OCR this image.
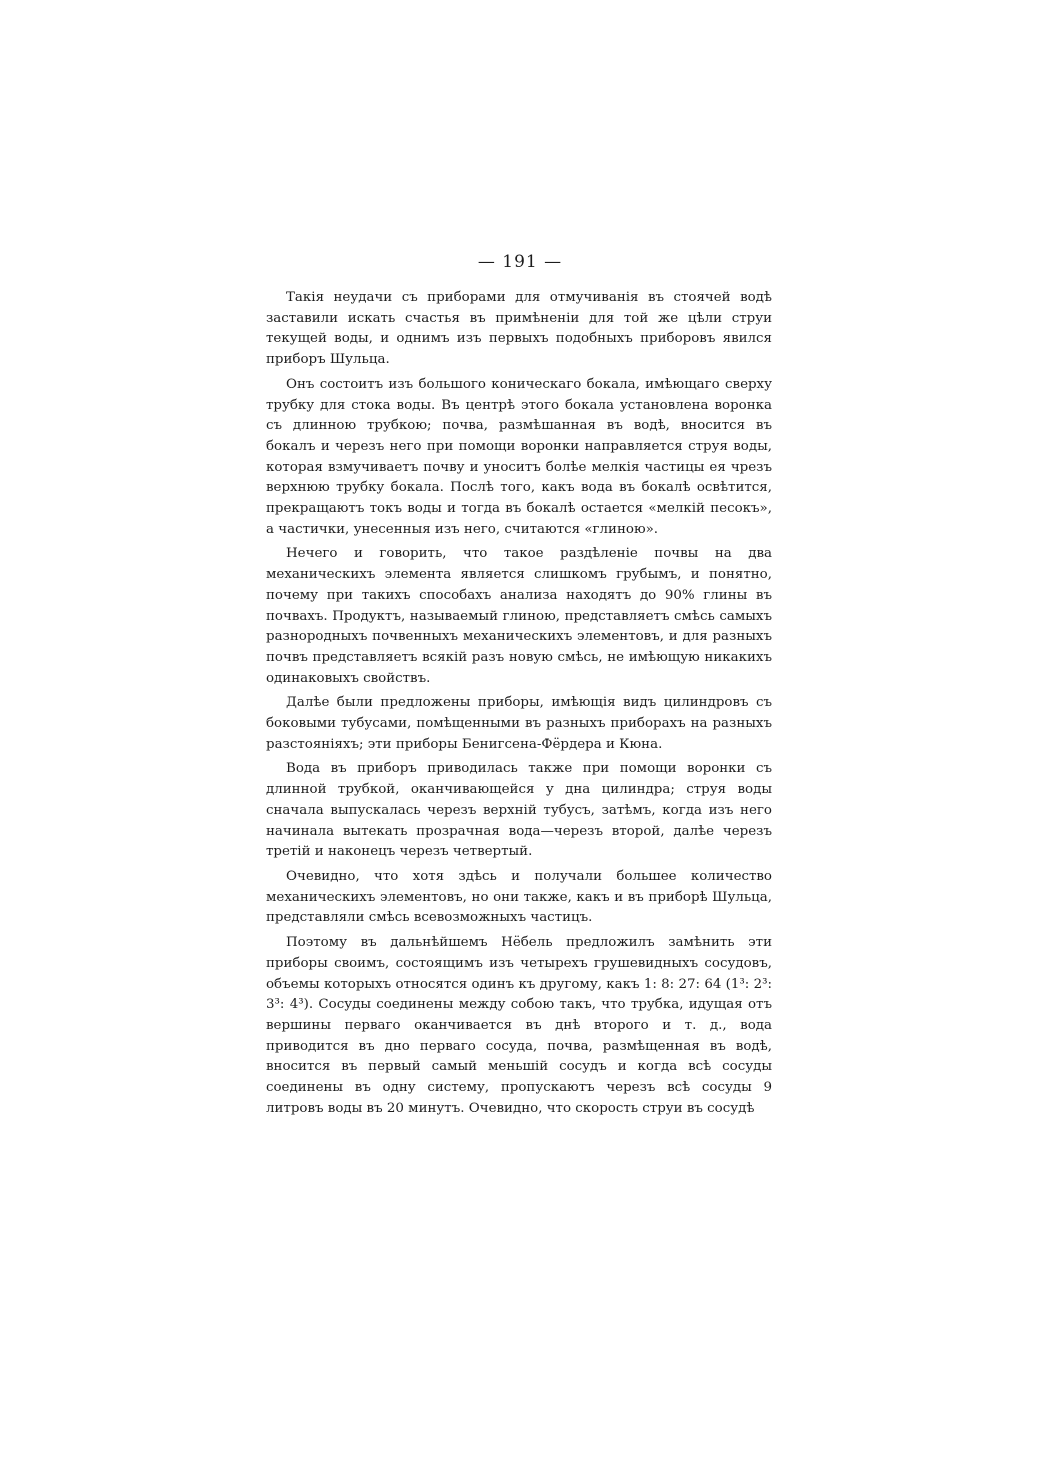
— 191 —

Такія неудачи съ приборами для отмучиванія въ стоячей водѣ заставили искать счастья въ примѣненіи для той же цѣли струи текущей воды, и однимъ изъ первыхъ подобныхъ приборовъ явился приборъ Шульца.

Онъ состоитъ изъ большого коническаго бокала, имѣющаго сверху трубку для стока воды. Въ центрѣ этого бокала установлена воронка съ длинною трубкою; почва, размѣшанная въ водѣ, вносится въ бокалъ и черезъ него при помощи воронки направляется струя воды, которая взмучиваетъ почву и уноситъ болѣе мелкія частицы ея чрезъ верхнюю трубку бокала. Послѣ того, какъ вода въ бокалѣ освѣтится, прекращаютъ токъ воды и тогда въ бокалѣ остается «мелкій песокъ», а частички, унесенныя изъ него, считаются «глиною».

Нечего и говорить, что такое раздѣленіе почвы на два механическихъ элемента является слишкомъ грубымъ, и понятно, почему при такихъ способахъ анализа находятъ до 90% глины въ почвахъ. Продуктъ, называемый глиною, представляетъ смѣсь самыхъ разнородныхъ почвенныхъ механическихъ элементовъ, и для разныхъ почвъ представляетъ всякій разъ новую смѣсь, не имѣющую никакихъ одинаковыхъ свойствъ.

Далѣе были предложены приборы, имѣющія видъ цилиндровъ съ боковыми тубусами, помѣщенными въ разныхъ приборахъ на разныхъ разстояніяхъ; эти приборы Бенигсена-Фёрдера и Кюна.

Вода въ приборъ приводилась также при помощи воронки съ длинной трубкой, оканчивающейся у дна цилиндра; струя воды сначала выпускалась черезъ верхній тубусъ, затѣмъ, когда изъ него начинала вытекать прозрачная вода—черезъ второй, далѣе черезъ третій и наконецъ черезъ четвертый.

Очевидно, что хотя здѣсь и получали большее количество механическихъ элементовъ, но они также, какъ и въ приборѣ Шульца, представляли смѣсь всевозможныхъ частицъ.

Поэтому въ дальнѣйшемъ Нёбель предложилъ замѣнить эти приборы своимъ, состоящимъ изъ четырехъ грушевидныхъ сосудовъ, объемы которыхъ относятся одинъ къ другому, какъ 1: 8: 27: 64 (1³: 2³: 3³: 4³). Сосуды соединены между собою такъ, что трубка, идущая отъ вершины перваго оканчивается въ днѣ второго и т. д., вода приводится въ дно перваго сосуда, почва, размѣщенная въ водѣ, вносится въ первый самый меньшій сосудъ и когда всѣ сосуды соединены въ одну систему, пропускаютъ черезъ всѣ сосуды 9 литровъ воды въ 20 минутъ. Очевидно, что скорость струи въ сосудѣ
